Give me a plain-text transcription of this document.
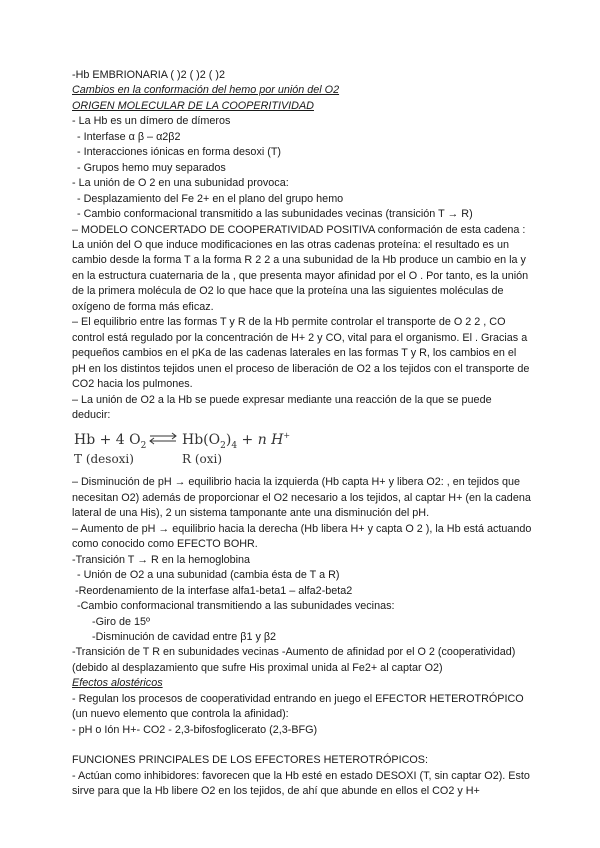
-Hb EMBRIONARIA ( )2 ( )2 ( )2
Cambios en la conformación del hemo por unión del O2
ORIGEN MOLECULAR DE LA COOPERITIVIDAD
- La Hb es un dímero de dímeros
- Interfase α β – α2β2
- Interacciones iónicas en forma desoxi (T)
- Grupos hemo muy separados
- La unión de O 2 en una subunidad provoca:
- Desplazamiento del Fe 2+ en el plano del grupo hemo
- Cambio conformacional transmitido a las subunidades vecinas (transición T → R)
– MODELO CONCERTADO DE COOPERATIVIDAD POSITIVA conformación de esta cadena : La unión del O que induce modificaciones en las otras cadenas proteína: el resultado es un cambio desde la forma T a la forma R 2 2 a una subunidad de la Hb produce un cambio en la y en la estructura cuaternaria de la , que presenta mayor afinidad por el O . Por tanto, es la unión de la primera molécula de O2 lo que hace que la proteína una las siguientes moléculas de oxígeno de forma más eficaz.
– El equilibrio entre las formas T y R de la Hb permite controlar el transporte de O 2 2 , CO control está regulado por la concentración de H+ 2 y CO, vital para el organismo. El . Gracias a pequeños cambios en el pKa de las cadenas laterales en las formas T y R, los cambios en el pH en los distintos tejidos unen el proceso de liberación de O2 a los tejidos con el transporte de CO2 hacia los pulmones.
– La unión de O2 a la Hb se puede expresar mediante una reacción de la que se puede deducir:
Hb + 4 $O_2$	$Hb(O_2)_4 + n$ H+
T (desoxi)	R (oxi)
– Disminución de pH → equilibrio hacia la izquierda (Hb capta H+ y libera O2: , en tejidos que necesitan O2) además de proporcionar el O2 necesario a los tejidos, al captar H+ (en la cadena lateral de una His), 2 un sistema tamponante ante una disminución del pH.
– Aumento de pH → equilibrio hacia la derecha (Hb libera H+ y capta O 2 ), la Hb está actuando como conocido como EFECTO BOHR.
-Transición T → R en la hemoglobina
- Unión de O2 a una subunidad (cambia ésta de T a R)
-Reordenamiento de la interfase alfa1-beta1 – alfa2-beta2
-Cambio conformacional transmitiendo a las subunidades vecinas:
-Giro de 15º
-Disminución de cavidad entre β1 y β2
-Transición de T R en subunidades vecinas -Aumento de afinidad por el O 2 (cooperatividad) (debido al desplazamiento que sufre His proximal unida al Fe2+ al captar O2)
Efectos alostéricos
- Regulan los procesos de cooperatividad entrando en juego el EFECTOR HETEROTRÓPICO (un nuevo elemento que controla la afinidad):
- pH o Ión H+- CO2 - 2,3-bifosfoglicerato (2,3-BFG)
FUNCIONES PRINCIPALES DE LOS EFECTORES HETEROTRÓPICOS:
- Actúan como inhibidores: favorecen que la Hb esté en estado DESOXI (T, sin captar O2). Esto sirve para que la Hb libere O2 en los tejidos, de ahí que abunde en ellos el CO2 y H+
